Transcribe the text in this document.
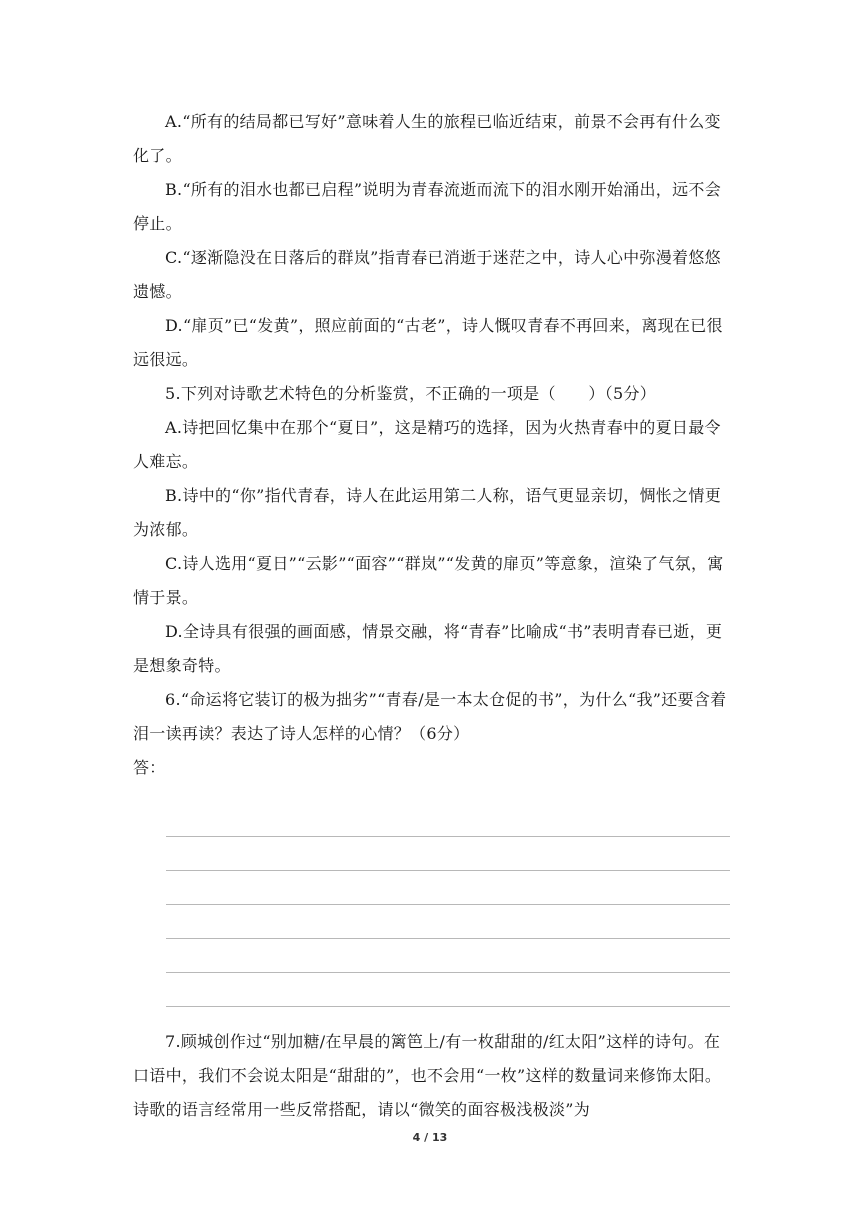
A.“所有的结局都已写好”意味着人生的旅程已临近结束，前景不会再有什么变化了。

B.“所有的泪水也都已启程”说明为青春流逝而流下的泪水刚开始涌出，远不会停止。

C.“逐渐隐没在日落后的群岚”指青春已消逝于迷茫之中，诗人心中弥漫着悠悠遗憾。

D.“扉页”已“发黄”，照应前面的“古老”，诗人慨叹青春不再回来，离现在已很远很远。

5.下列对诗歌艺术特色的分析鉴赏，不正确的一项是（　　）（5分）

A.诗把回忆集中在那个“夏日”，这是精巧的选择，因为火热青春中的夏日最令人难忘。

B.诗中的“你”指代青春，诗人在此运用第二人称，语气更显亲切，惆怅之情更为浓郁。

C.诗人选用“夏日”“云影”“面容”“群岚”“发黄的扉页”等意象，渲染了气氛，寓情于景。

D.全诗具有很强的画面感，情景交融，将“青春”比喻成“书”表明青春已逝，更是想象奇特。

6.“命运将它装订的极为拙劣”“青春/是一本太仓促的书”，为什么“我”还要含着泪一读再读？表达了诗人怎样的心情？（6分）

答：

7.顾城创作过“别加糖/在早晨的篱笆上/有一枚甜甜的/红太阳”这样的诗句。在口语中，我们不会说太阳是“甜甜的”，也不会用“一枚”这样的数量词来修饰太阳。诗歌的语言经常用一些反常搭配，请以“微笑的面容极浅极淡”为

4 / 13
